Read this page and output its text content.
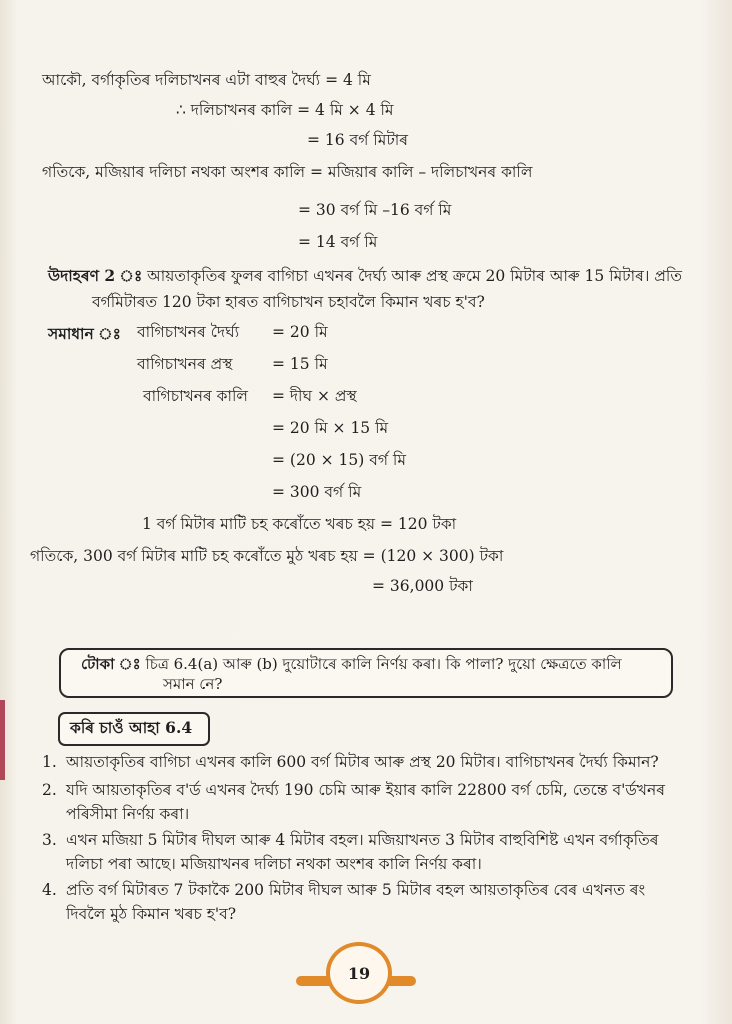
আকৌ, বৰ্গাকৃতিৰ দলিচাখনৰ এটা বাহুৰ দৈৰ্ঘ্য = 4 মি
∴ দলিচাখনৰ কালি = 4 মি × 4 মি
= 16 বৰ্গ মিটাৰ
গতিকে, মজিয়াৰ দলিচা নথকা অংশৰ কালি = মজিয়াৰ কালি – দলিচাখনৰ কালি
= 30 বৰ্গ মি –16 বৰ্গ মি
= 14 বৰ্গ মি
উদাহৰণ 2 ঃ আয়তাকৃতিৰ ফুলৰ বাগিচা এখনৰ দৈৰ্ঘ্য আৰু প্ৰস্থ ক্ৰমে 20 মিটাৰ আৰু 15 মিটাৰ। প্ৰতি
বৰ্গমিটাৰত 120 টকা হাৰত বাগিচাখন চহাবলৈ কিমান খৰচ হ'ব?
সমাধান ঃ বাগিচাখনৰ দৈৰ্ঘ্য = 20 মি
বাগিচাখনৰ প্ৰস্থ	= 15 মি
বাগিচাখনৰ কালি = দীঘ × প্ৰস্থ
= 20 মি × 15 মি
= (20 × 15) বৰ্গ মি
= 300 বৰ্গ মি
1 বৰ্গ মিটাৰ মাটি চহ কৰোঁতে খৰচ হয় = 120 টকা
গতিকে, 300 বৰ্গ মিটাৰ মাটি চহ কৰোঁতে মুঠ খৰচ হয় = (120 × 300) টকা
= 36,000 টকা
টোকা ঃ চিত্ৰ 6.4(a) আৰু (b) দুয়োটাৰে কালি নিৰ্ণয় কৰা। কি পালা? দুয়ো ক্ষেত্ৰতে কালি
সমান নে?
কৰি চাওঁ আহা 6.4
1. আয়তাকৃতিৰ বাগিচা এখনৰ কালি 600 বৰ্গ মিটাৰ আৰু প্ৰস্থ 20 মিটাৰ। বাগিচাখনৰ দৈৰ্ঘ্য কিমান?
2. যদি আয়তাকৃতিৰ ব'ৰ্ড এখনৰ দৈৰ্ঘ্য 190 চেমি আৰু ইয়াৰ কালি 22800 বৰ্গ চেমি, তেন্তে ব'ৰ্ডখনৰ
পৰিসীমা নিৰ্ণয় কৰা।
3. এখন মজিয়া 5 মিটাৰ দীঘল আৰু 4 মিটাৰ বহল। মজিয়াখনত 3 মিটাৰ বাহুবিশিষ্ট এখন বৰ্গাকৃতিৰ
দলিচা পৰা আছে। মজিয়াখনৰ দলিচা নথকা অংশৰ কালি নিৰ্ণয় কৰা।
4. প্ৰতি বৰ্গ মিটাৰত 7 টকাকৈ 200 মিটাৰ দীঘল আৰু 5 মিটাৰ বহল আয়তাকৃতিৰ বেৰ এখনত ৰং
দিবলৈ মুঠ কিমান খৰচ হ'ব?
19
